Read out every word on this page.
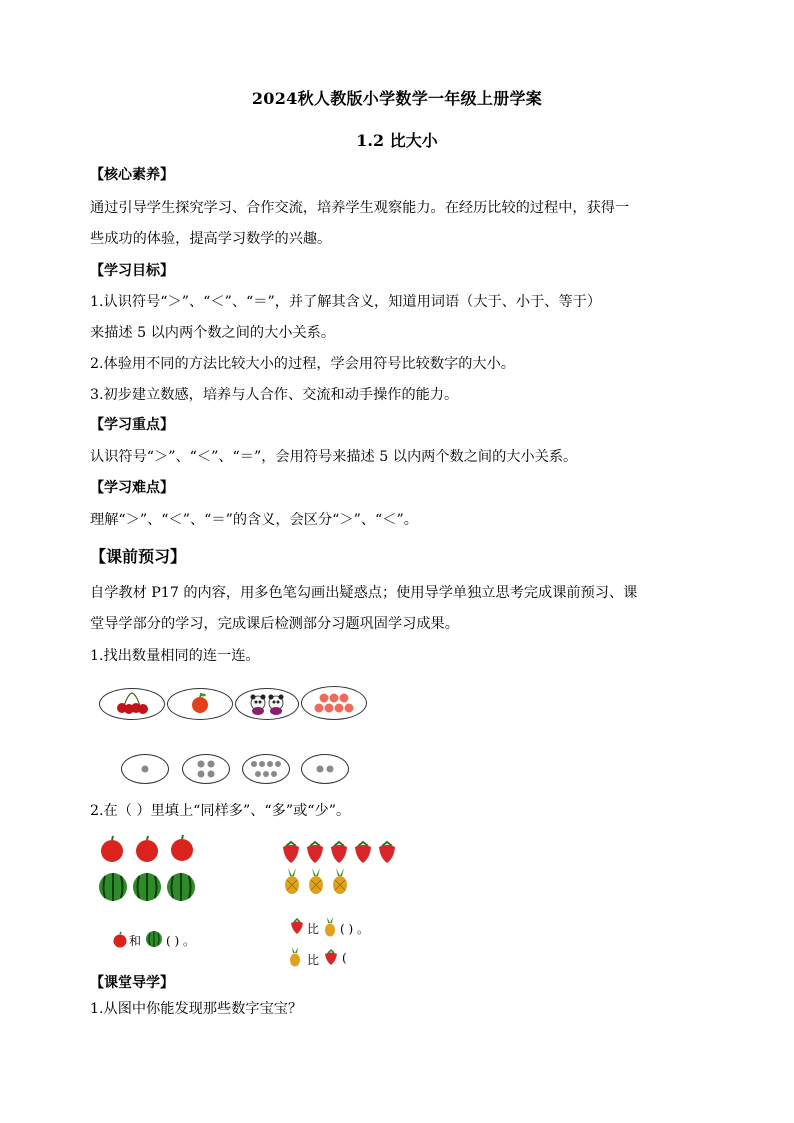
2024秋人教版小学数学一年级上册学案
1.2 比大小
【核心素养】
通过引导学生探究学习、合作交流，培养学生观察能力。在经历比较的过程中，获得一
些成功的体验，提高学习数学的兴趣。
【学习目标】
1.认识符号“＞”、“＜”、“＝”，并了解其含义，知道用词语（大于、小于、等于）
来描述 5 以内两个数之间的大小关系。
2.体验用不同的方法比较大小的过程，学会用符号比较数字的大小。
3.初步建立数感，培养与人合作、交流和动手操作的能力。
【学习重点】
认识符号“＞”、“＜”、“＝”，会用符号来描述 5 以内两个数之间的大小关系。
【学习难点】
理解“＞”、“＜”、“＝”的含义，会区分“＞”、“＜”。
【课前预习】
自学教材 P17 的内容，用多色笔勾画出疑惑点；使用导学单独立思考完成课前预习、课
堂导学部分的学习，完成课后检测部分习题巩固学习成果。
1.找出数量相同的连一连。
2.在（ ）里填上“同样多”、“多”或“少”。
和 ( ) 。
比 ( ) 。
比 (
【课堂导学】
1.从图中你能发现那些数字宝宝？
